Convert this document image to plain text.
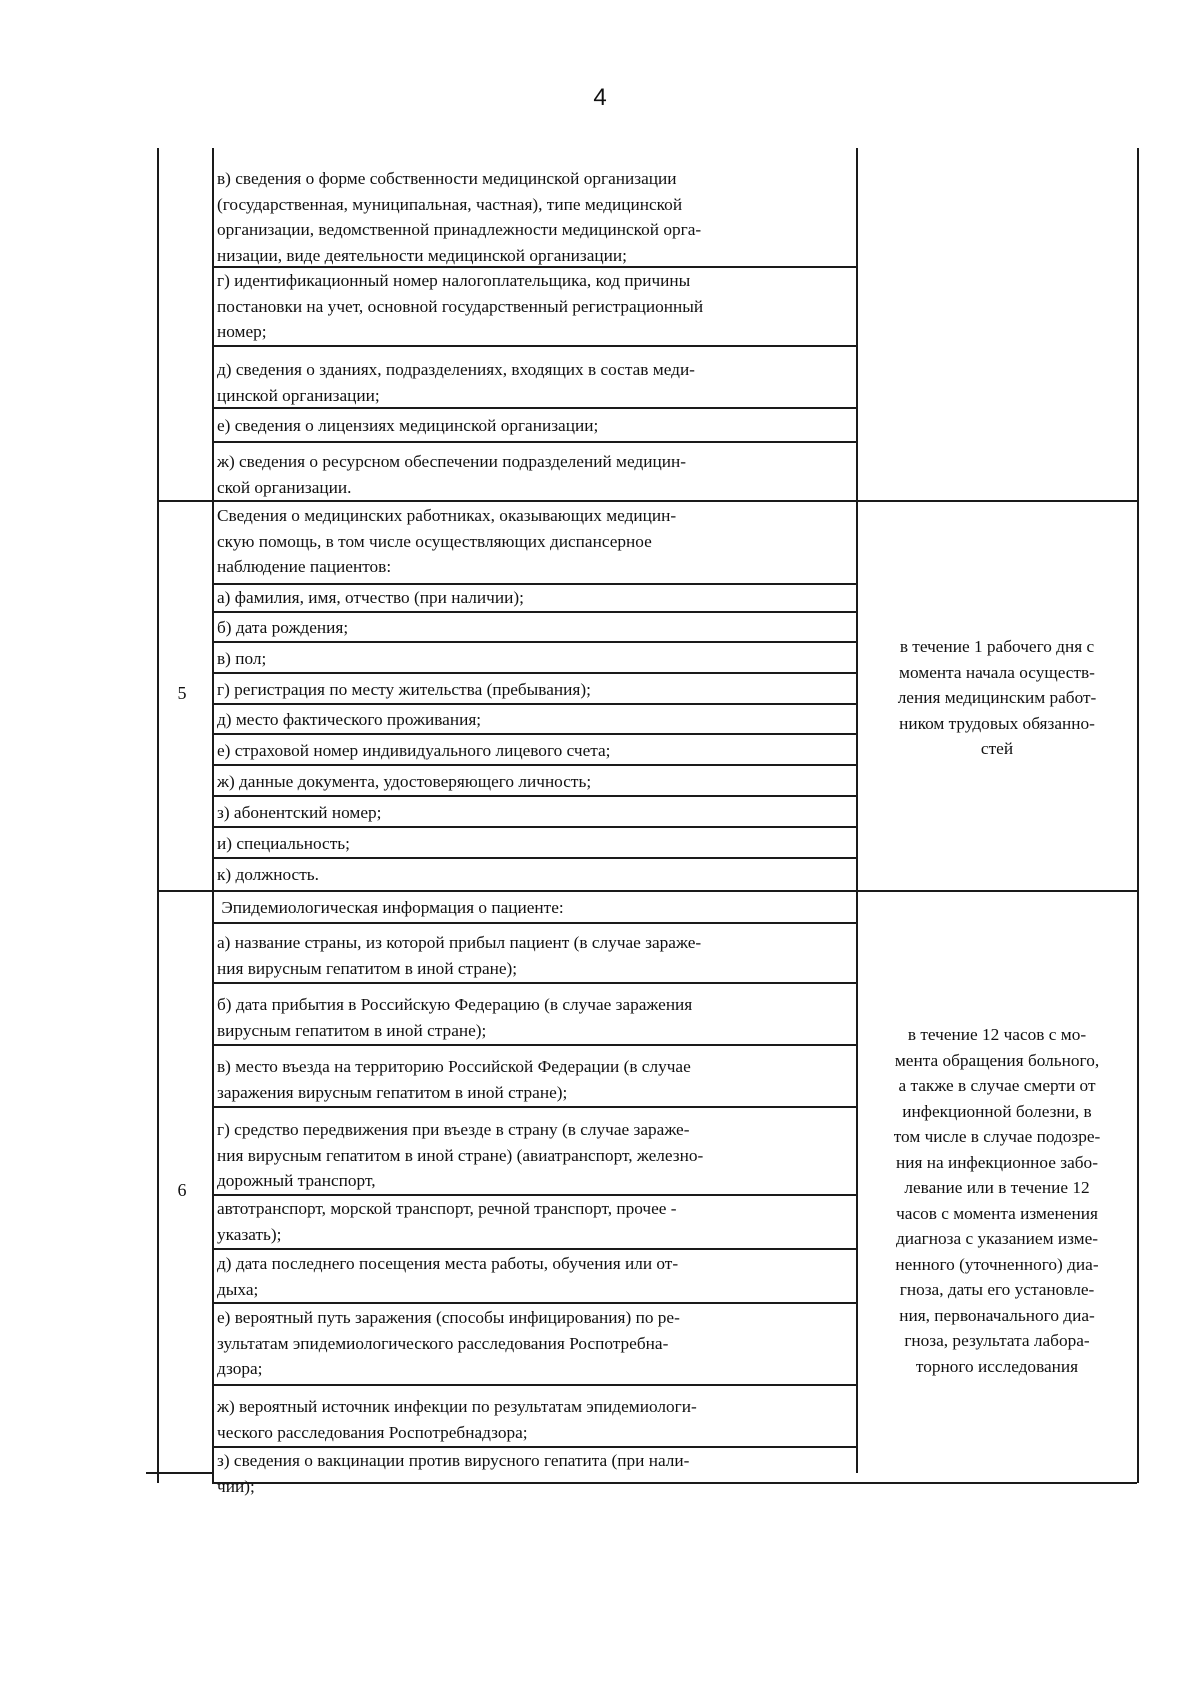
4
в) сведения о форме собственности медицинской организации
(государственная, муниципальная, частная), типе медицинской
организации, ведомственной принадлежности медицинской орга-
низации, виде деятельности медицинской организации;
г) идентификационный номер налогоплательщика, код причины
постановки на учет, основной государственный регистрационный
номер;
д) сведения о зданиях, подразделениях, входящих в состав меди-
цинской организации;
е) сведения о лицензиях медицинской организации;
ж) сведения о ресурсном обеспечении подразделений медицин-
ской организации.
5
Сведения о медицинских работниках, оказывающих медицин-
скую помощь, в том числе осуществляющих диспансерное
наблюдение пациентов:
а) фамилия, имя, отчество (при наличии);
б) дата рождения;
в) пол;
г) регистрация по месту жительства (пребывания);
д) место фактического проживания;
е) страховой номер индивидуального лицевого счета;
ж) данные документа, удостоверяющего личность;
з) абонентский номер;
и) специальность;
к) должность.
в течение 1 рабочего дня с
момента начала осуществ-
ления медицинским работ-
ником трудовых обязанно-
стей
6
Эпидемиологическая информация о пациенте:
а) название страны, из которой прибыл пациент (в случае зараже-
ния вирусным гепатитом в иной стране);
б) дата прибытия в Российскую Федерацию (в случае заражения
вирусным гепатитом в иной стране);
в) место въезда на территорию Российской Федерации (в случае
заражения вирусным гепатитом в иной стране);
г) средство передвижения при въезде в страну (в случае зараже-
ния вирусным гепатитом в иной стране) (авиатранспорт, железно-
дорожный транспорт,
автотранспорт, морской транспорт, речной транспорт, прочее -
указать);
д) дата последнего посещения места работы, обучения или от-
дыха;
е) вероятный путь заражения (способы инфицирования) по ре-
зультатам эпидемиологического расследования Роспотребна-
дзора;
ж) вероятный источник инфекции по результатам эпидемиологи-
ческого расследования Роспотребнадзора;
з) сведения о вакцинации против вирусного гепатита (при нали-
чии);
в течение 12 часов с мо-
мента обращения больного,
а также в случае смерти от
инфекционной болезни, в
том числе в случае подозре-
ния на инфекционное забо-
левание или в течение 12
часов с момента изменения
диагноза с указанием изме-
ненного (уточненного) диа-
гноза, даты его установле-
ния, первоначального диа-
гноза, результата лабора-
торного исследования
